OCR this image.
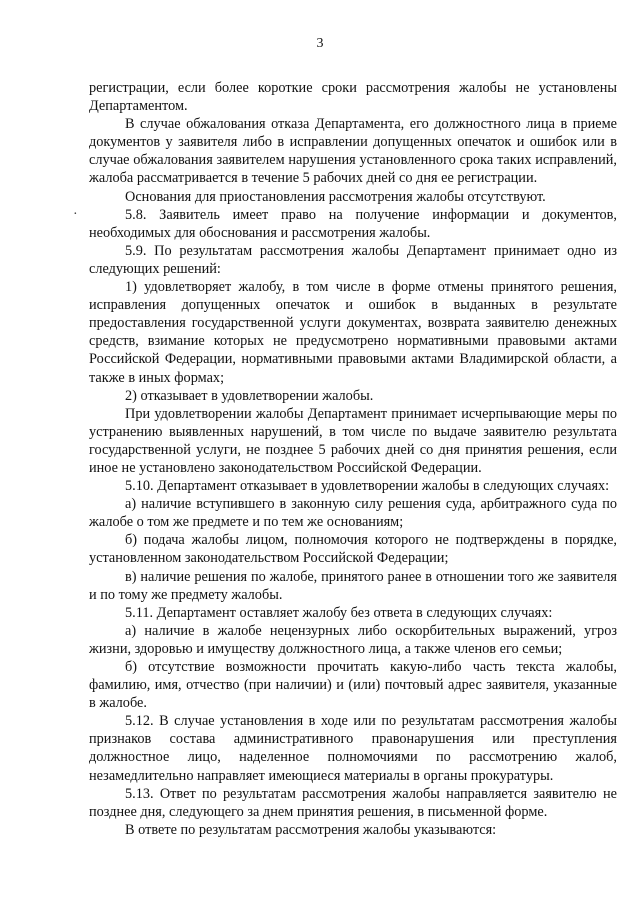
3
·

регистрации, если более короткие сроки рассмотрения жалобы не установлены Департаментом.

В случае обжалования отказа Департамента, его должностного лица в приеме документов у заявителя либо в исправлении допущенных опечаток и ошибок или в случае обжалования заявителем нарушения установленного срока таких исправлений, жалоба рассматривается в течение 5 рабочих дней со дня ее регистрации.

Основания для приостановления рассмотрения жалобы отсутствуют.

5.8. Заявитель имеет право на получение информации и документов, необходимых для обоснования и рассмотрения жалобы.

5.9. По результатам рассмотрения жалобы Департамент принимает одно из следующих решений:

1) удовлетворяет жалобу, в том числе в форме отмены принятого решения, исправления допущенных опечаток и ошибок в выданных в результате предоставления государственной услуги документах, возврата заявителю денежных средств, взимание которых не предусмотрено нормативными правовыми актами Российской Федерации, нормативными правовыми актами Владимирской области, а также в иных формах;

2) отказывает в удовлетворении жалобы.

При удовлетворении жалобы Департамент принимает исчерпывающие меры по устранению выявленных нарушений, в том числе по выдаче заявителю результата государственной услуги, не позднее 5 рабочих дней со дня принятия решения, если иное не установлено законодательством Российской Федерации.

5.10. Департамент отказывает в удовлетворении жалобы в следующих случаях:

а) наличие вступившего в законную силу решения суда, арбитражного суда по жалобе о том же предмете и по тем же основаниям;

б) подача жалобы лицом, полномочия которого не подтверждены в порядке, установленном законодательством Российской Федерации;

в) наличие решения по жалобе, принятого ранее в отношении того же заявителя и по тому же предмету жалобы.

5.11. Департамент оставляет жалобу без ответа в следующих случаях:

а) наличие в жалобе нецензурных либо оскорбительных выражений, угроз жизни, здоровью и имуществу должностного лица, а также членов его семьи;

б) отсутствие возможности прочитать какую-либо часть текста жалобы, фамилию, имя, отчество (при наличии) и (или) почтовый адрес заявителя, указанные в жалобе.

5.12. В случае установления в ходе или по результатам рассмотрения жалобы признаков состава административного правонарушения или преступления должностное лицо, наделенное полномочиями по рассмотрению жалоб, незамедлительно направляет имеющиеся материалы в органы прокуратуры.

5.13. Ответ по результатам рассмотрения жалобы направляется заявителю не позднее дня, следующего за днем принятия решения, в письменной форме.

В ответе по результатам рассмотрения жалобы указываются:
